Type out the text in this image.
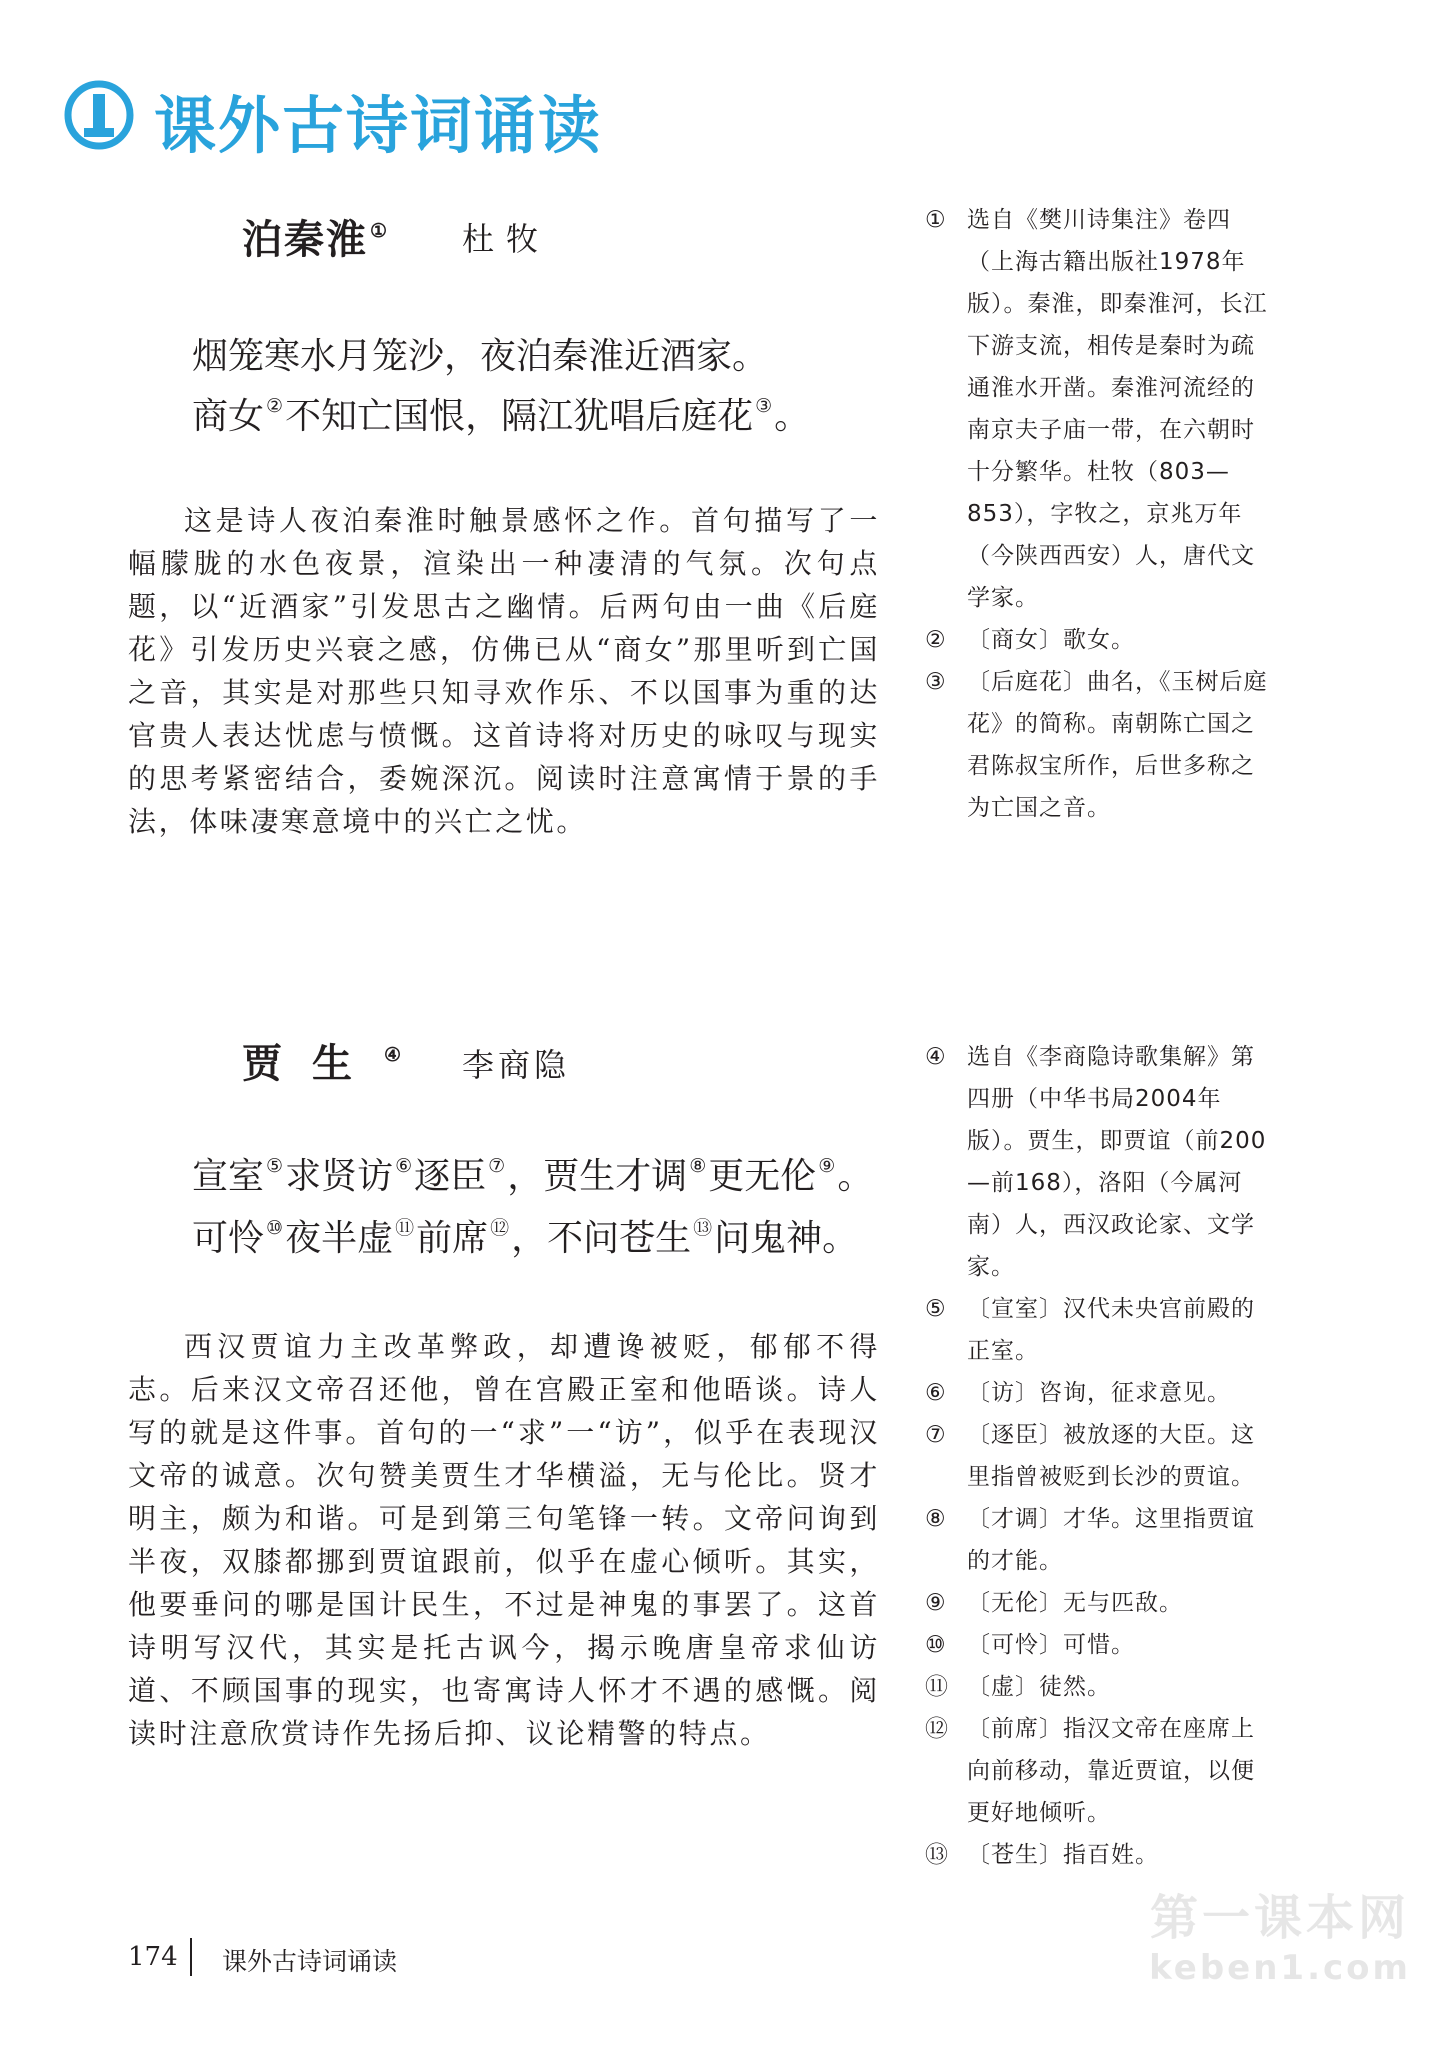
课外古诗词诵读
泊秦淮 ① 杜牧
烟笼寒水月笼沙，夜泊秦淮近酒家。
商女 ②不知亡国恨，隔江犹唱后庭花 ③。

这是诗人夜泊秦淮时触景感怀之作。首句描写了一幅朦胧的水色夜景，渲染出一种凄清的气氛。次句点题，以“近酒家”引发思古之幽情。后两句由一曲《后庭花》引发历史兴衰之感，仿佛已从“商女”那里听到亡国之音，其实是对那些只知寻欢作乐、不以国事为重的达官贵人表达忧虑与愤慨。这首诗将对历史的咏叹与现实的思考紧密结合，委婉深沉。阅读时注意寓情于景的手法，体味凄寒意境中的兴亡之忧。

① 选自《樊川诗集注》卷四（上海古籍出版社1978年版）。秦淮，即秦淮河，长江下游支流，相传是秦时为疏通淮水开凿。秦淮河流经的南京夫子庙一带，在六朝时十分繁华。杜牧（803—853），字牧之，京兆万年（今陕西西安）人，唐代文学家。
② 〔商女〕歌女。
③ 〔后庭花〕曲名，《玉树后庭花》的简称。南朝陈亡国之君陈叔宝所作，后世多称之为亡国之音。
贾生 ④ 李商隐
宣室 ⑤求贤访 ⑥逐臣 ⑦，贾生才调 ⑧更无伦 ⑨。
可怜 ⑩夜半虚 ⑪前席 ⑫，不问苍生 ⑬问鬼神。

西汉贾谊力主改革弊政，却遭谗被贬，郁郁不得志。后来汉文帝召还他，曾在宫殿正室和他晤谈。诗人写的就是这件事。首句的一“求”一“访”，似乎在表现汉文帝的诚意。次句赞美贾生才华横溢，无与伦比。贤才明主，颇为和谐。可是到第三句笔锋一转。文帝问询到半夜，双膝都挪到贾谊跟前，似乎在虚心倾听。其实，他要垂问的哪是国计民生，不过是神鬼的事罢了。这首诗明写汉代，其实是托古讽今，揭示晚唐皇帝求仙访道、不顾国事的现实，也寄寓诗人怀才不遇的感慨。阅读时注意欣赏诗作先扬后抑、议论精警的特点。

④ 选自《李商隐诗歌集解》第四册（中华书局2004年版）。贾生，即贾谊（前200—前168），洛阳（今属河南）人，西汉政论家、文学家。
⑤ 〔宣室〕汉代未央宫前殿的正室。
⑥ 〔访〕咨询，征求意见。
⑦ 〔逐臣〕被放逐的大臣。这里指曾被贬到长沙的贾谊。
⑧ 〔才调〕才华。这里指贾谊的才能。
⑨ 〔无伦〕无与匹敌。
⑩ 〔可怜〕可惜。
⑪ 〔虚〕徒然。
⑫ 〔前席〕指汉文帝在座席上向前移动，靠近贾谊，以便更好地倾听。
⑬ 〔苍生〕指百姓。
174 课外古诗词诵读
第一课本网
keben1.com
